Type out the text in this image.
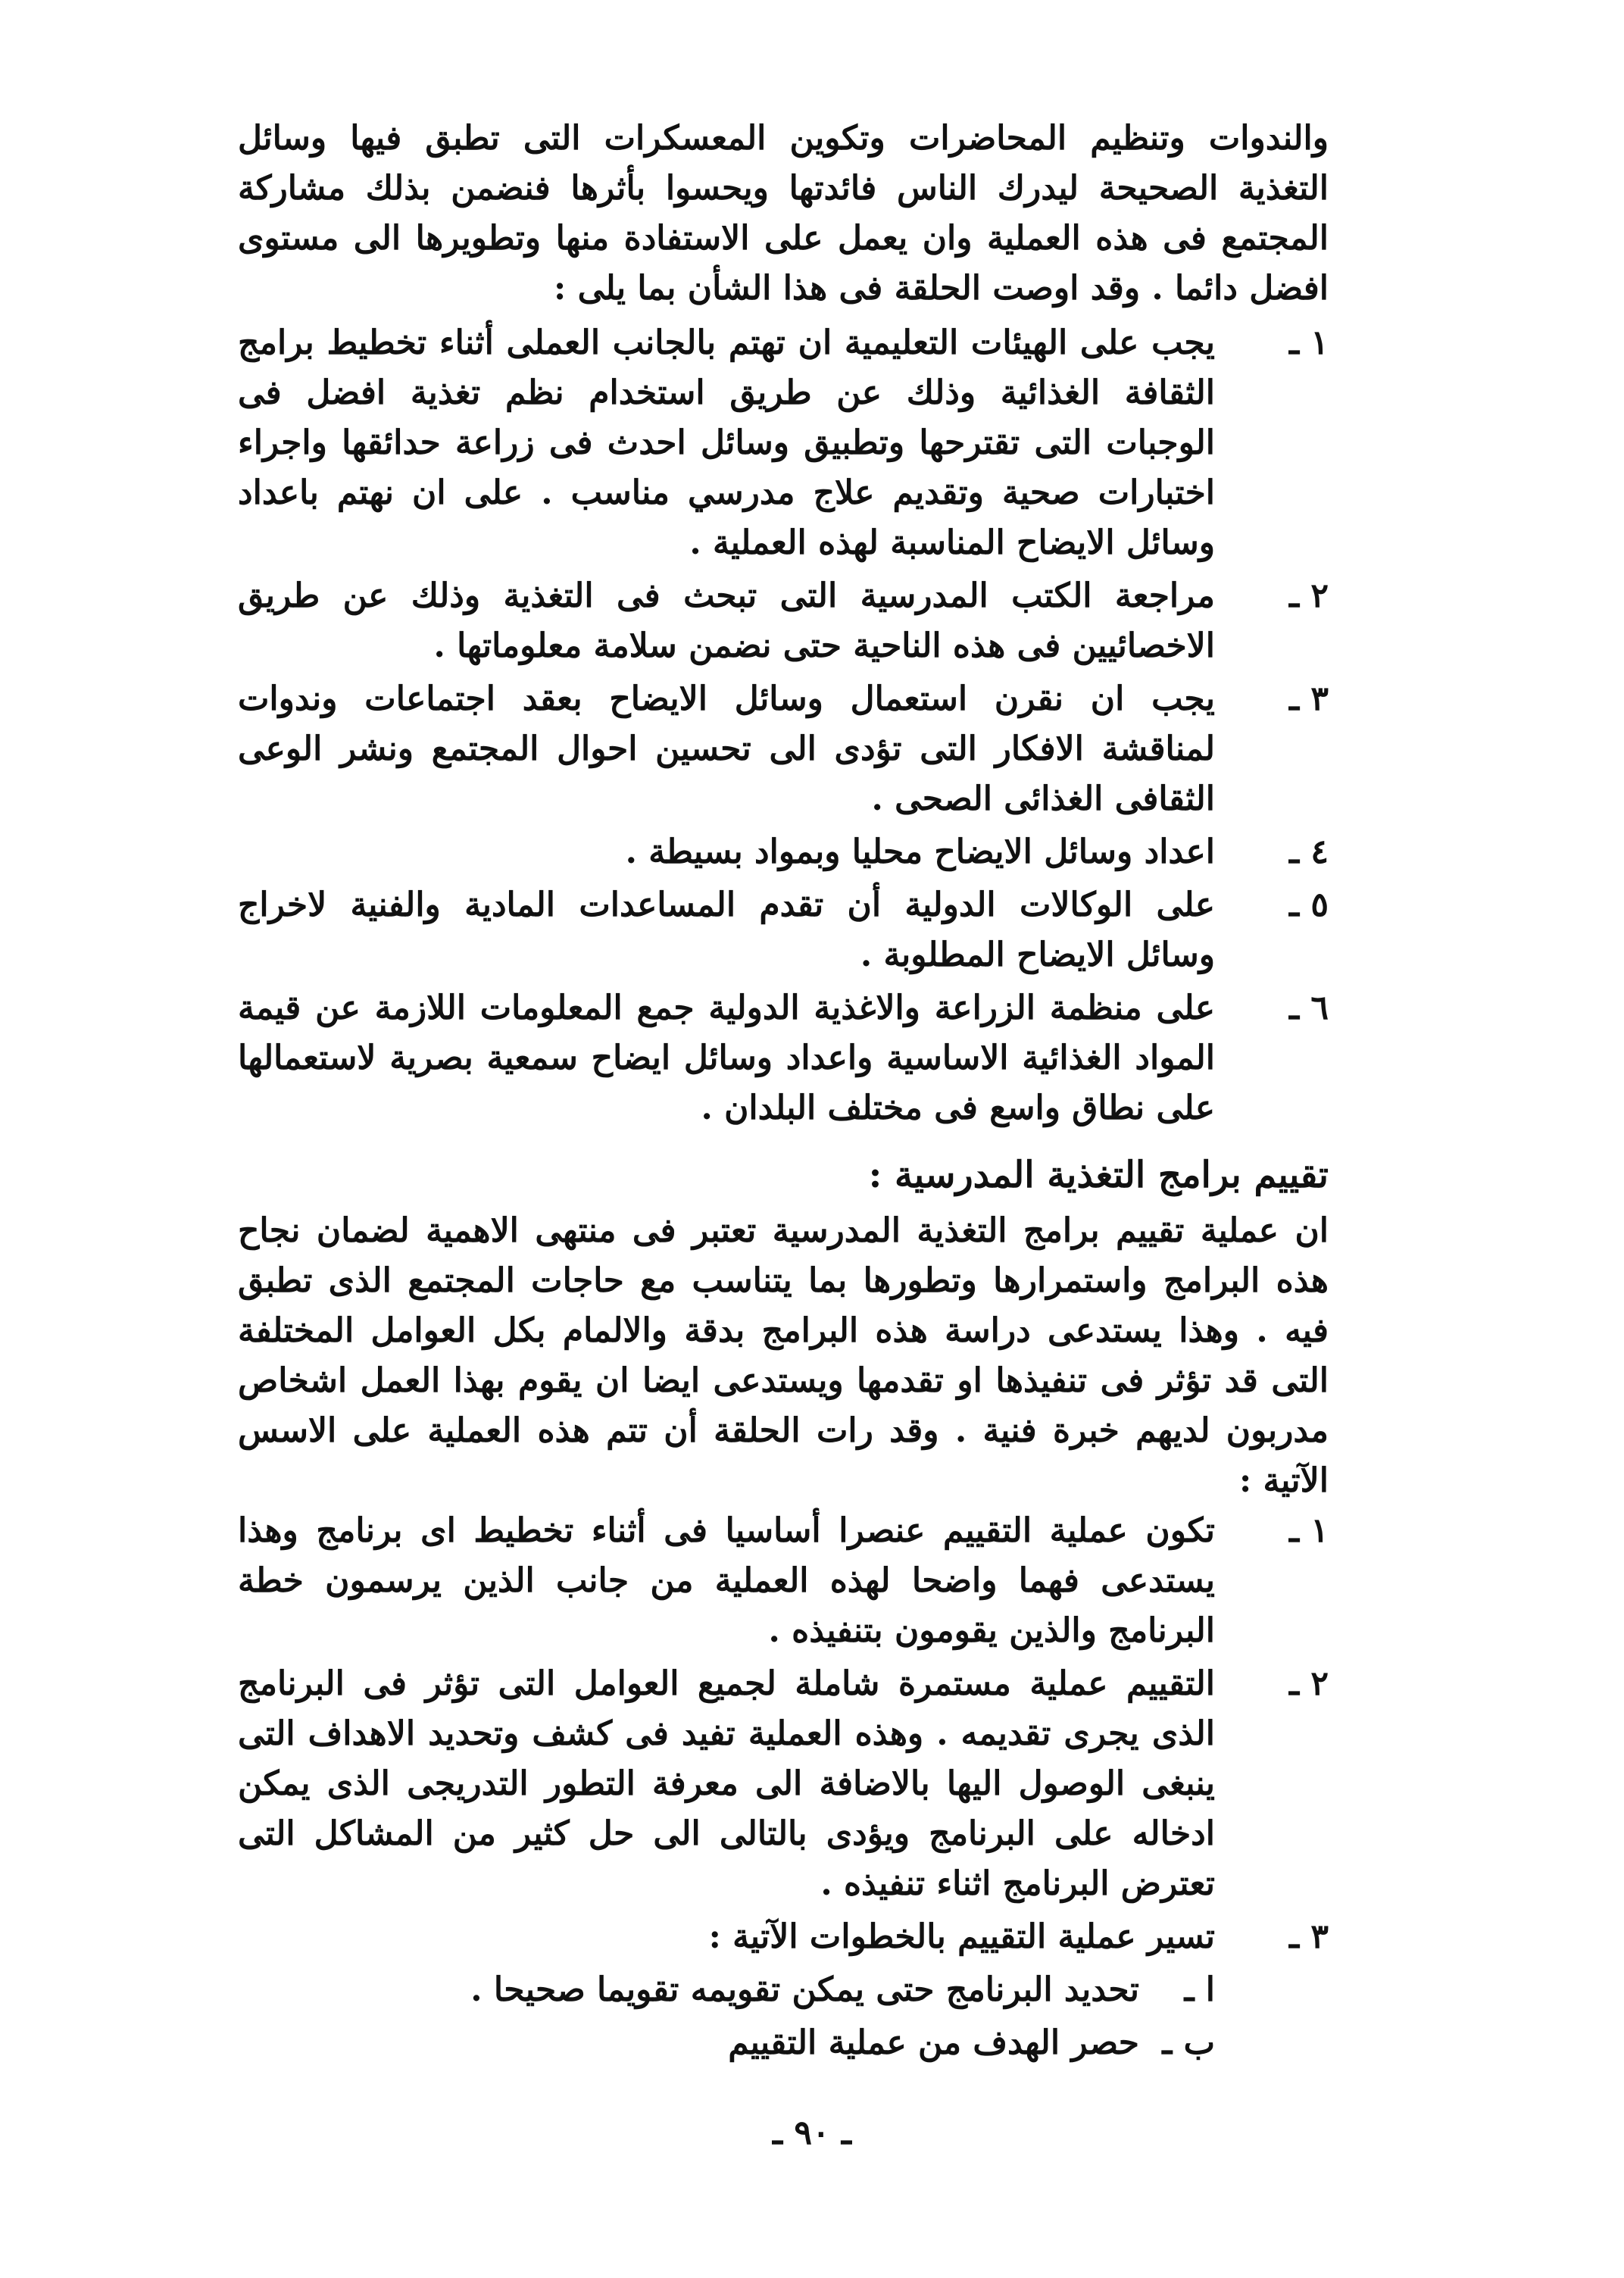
والندوات وتنظيم المحاضرات وتكوين المعسكرات التى تطبق فيها وسائل التغذية الصحيحة ليدرك الناس فائدتها ويحسوا بأثرها فنضمن بذلك مشاركة المجتمع فى هذه العملية وان يعمل على الاستفادة منها وتطويرها الى مستوى افضل دائما . وقد اوصت الحلقة فى هذا الشأن بما يلى :

١ ـ
يجب على الهيئات التعليمية ان تهتم بالجانب العملى أثناء تخطيط برامج الثقافة الغذائية وذلك عن طريق استخدام نظم تغذية افضل فى الوجبات التى تقترحها وتطبيق وسائل احدث فى زراعة حدائقها واجراء اختبارات صحية وتقديم علاج مدرسي مناسب . على ان نهتم باعداد وسائل الايضاح المناسبة لهذه العملية .
٢ ـ
مراجعة الكتب المدرسية التى تبحث فى التغذية وذلك عن طريق الاخصائيين فى هذه الناحية حتى نضمن سلامة معلوماتها .
٣ ـ
يجب ان نقرن استعمال وسائل الايضاح بعقد اجتماعات وندوات لمناقشة الافكار التى تؤدى الى تحسين احوال المجتمع ونشر الوعى الثقافى الغذائى الصحى .
٤ ـ
اعداد وسائل الايضاح محليا وبمواد بسيطة .
٥ ـ
على الوكالات الدولية أن تقدم المساعدات المادية والفنية لاخراج وسائل الايضاح المطلوبة .
٦ ـ
على منظمة الزراعة والاغذية الدولية جمع المعلومات اللازمة عن قيمة المواد الغذائية الاساسية واعداد وسائل ايضاح سمعية بصرية لاستعمالها على نطاق واسع فى مختلف البلدان .
تقييم برامج التغذية المدرسية :

ان عملية تقييم برامج التغذية المدرسية تعتبر فى منتهى الاهمية لضمان نجاح هذه البرامج واستمرارها وتطورها بما يتناسب مع حاجات المجتمع الذى تطبق فيه . وهذا يستدعى دراسة هذه البرامج بدقة والالمام بكل العوامل المختلفة التى قد تؤثر فى تنفيذها او تقدمها ويستدعى ايضا ان يقوم بهذا العمل اشخاص مدربون لديهم خبرة فنية . وقد رات الحلقة أن تتم هذه العملية على الاسس الآتية :

١ ـ
تكون عملية التقييم عنصرا أساسيا فى أثناء تخطيط اى برنامج وهذا يستدعى فهما واضحا لهذه العملية من جانب الذين يرسمون خطة البرنامج والذين يقومون بتنفيذه .
٢ ـ
التقييم عملية مستمرة شاملة لجميع العوامل التى تؤثر فى البرنامج الذى يجرى تقديمه . وهذه العملية تفيد فى كشف وتحديد الاهداف التى ينبغى الوصول اليها بالاضافة الى معرفة التطور التدريجى الذى يمكن ادخاله على البرنامج ويؤدى بالتالى الى حل كثير من المشاكل التى تعترض البرنامج اثناء تنفيذه .
٣ ـ
تسير عملية التقييم بالخطوات الآتية :
ا ـ
تحديد البرنامج حتى يمكن تقويمه تقويما صحيحا .
ب ـ
حصر الهدف من عملية التقييم
ـ ٩٠ ـ
